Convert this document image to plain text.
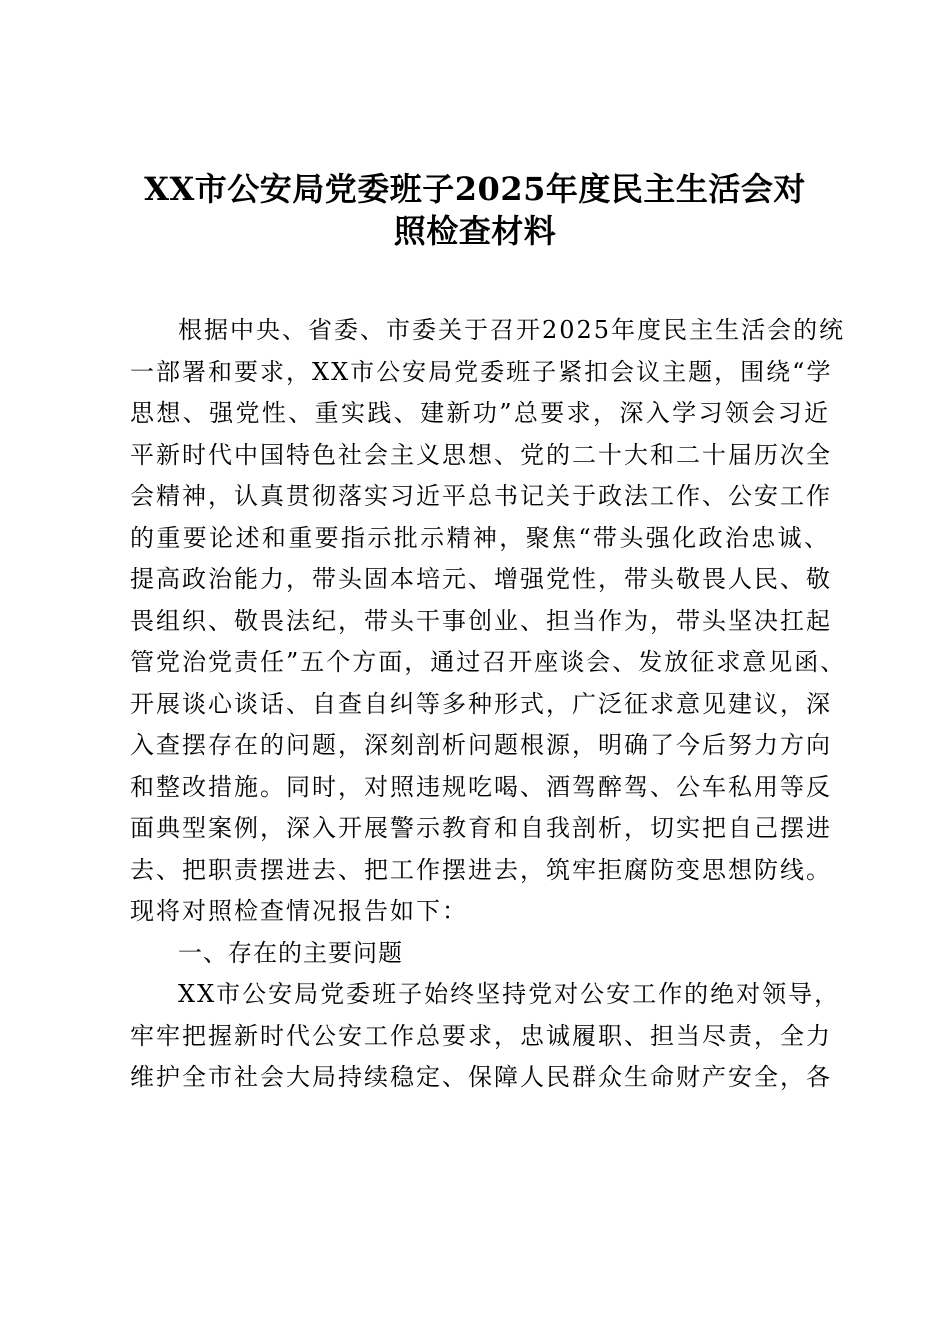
XX市公安局党委班子2025年度民主生活会对
照检查材料
根据中央、省委、市委关于召开2025年度民主生活会的统
一部署和要求，XX市公安局党委班子紧扣会议主题，围绕“学
思想、强党性、重实践、建新功”总要求，深入学习领会习近
平新时代中国特色社会主义思想、党的二十大和二十届历次全
会精神，认真贯彻落实习近平总书记关于政法工作、公安工作
的重要论述和重要指示批示精神，聚焦“带头强化政治忠诚、
提高政治能力，带头固本培元、增强党性，带头敬畏人民、敬
畏组织、敬畏法纪，带头干事创业、担当作为，带头坚决扛起
管党治党责任”五个方面，通过召开座谈会、发放征求意见函、
开展谈心谈话、自查自纠等多种形式，广泛征求意见建议，深
入查摆存在的问题，深刻剖析问题根源，明确了今后努力方向
和整改措施。同时，对照违规吃喝、酒驾醉驾、公车私用等反
面典型案例，深入开展警示教育和自我剖析，切实把自己摆进
去、把职责摆进去、把工作摆进去，筑牢拒腐防变思想防线。
现将对照检查情况报告如下：
一、存在的主要问题
XX市公安局党委班子始终坚持党对公安工作的绝对领导，
牢牢把握新时代公安工作总要求，忠诚履职、担当尽责，全力
维护全市社会大局持续稳定、保障人民群众生命财产安全，各
